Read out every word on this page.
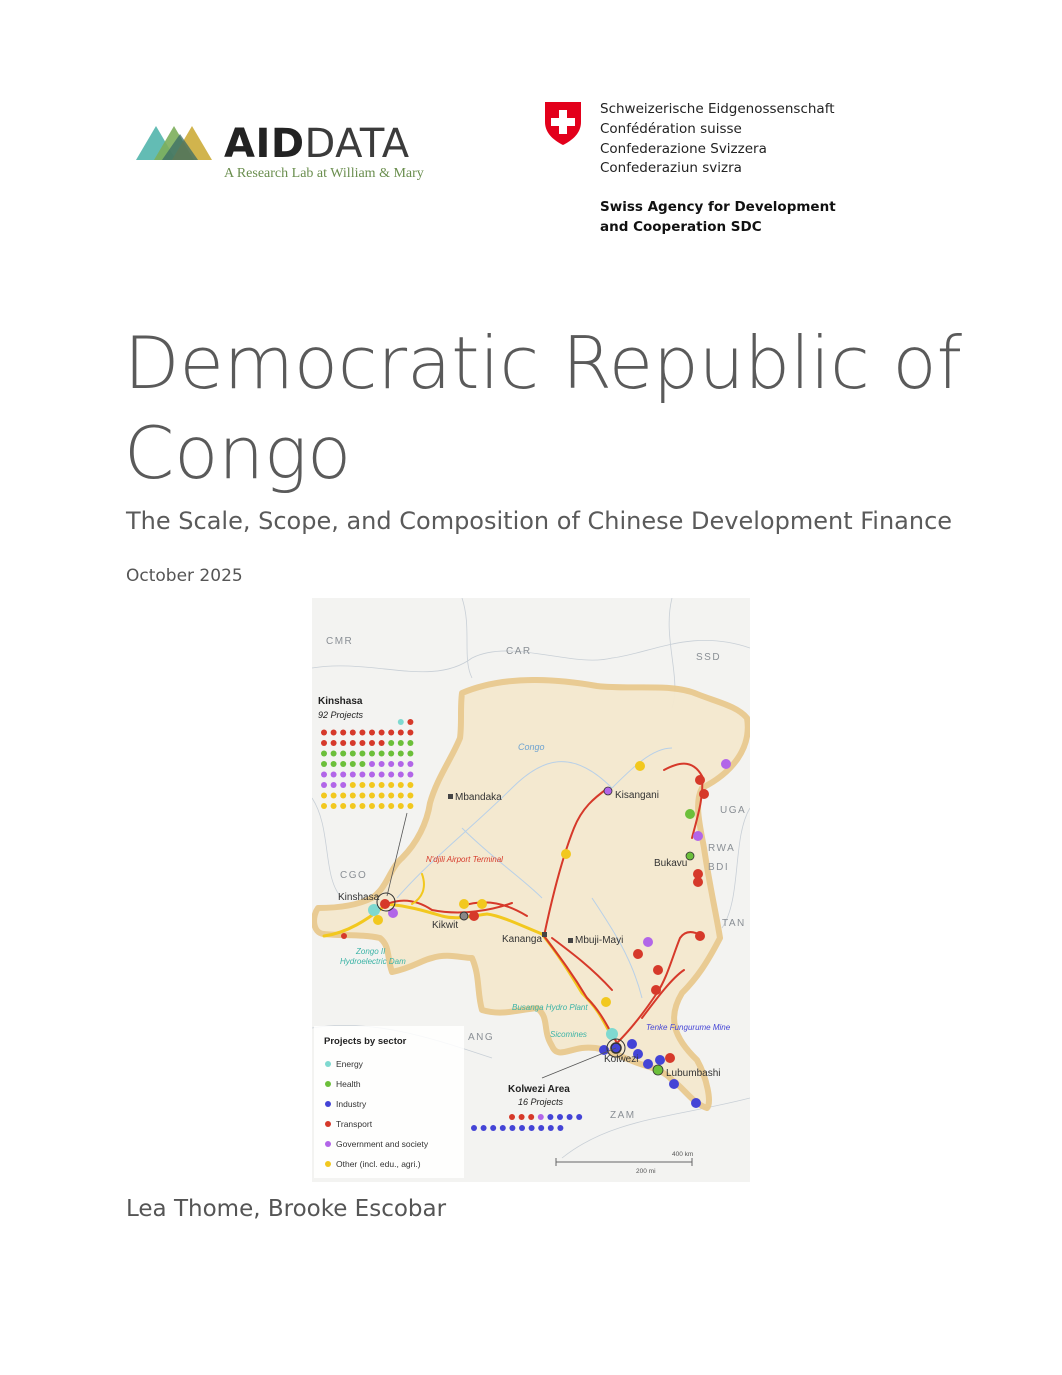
AIDDATA
A Research Lab at William & Mary
Schweizerische Eidgenossenschaft
Confédération suisse
Confederazione Svizzera
Confederaziun svizra
Swiss Agency for Development
and Cooperation SDC
Democratic Republic of Congo
The Scale, Scope, and Composition of Chinese Development Finance
October 2025
CMR
CAR
SSD
UGA
RWA
BDI
TAN
CGO
ANG
ZAM
Congo
Mbandaka	Kisangani
Bukavu
Kinshasa
Kikwit
Kananga	Mbuji-Mayi
Kolwezi
Lubumbashi
N'djili Airport Terminal
Zongo II
Hydroelectric Dam
Busanga Hydro Plant
Sicomines
Tenke Fungurume Mine
Kinshasa
92 Projects
Kolwezi Area
16 Projects
Projects by sector
Energy
Health
Industry
Transport
Government and society
Other (incl. edu., agri.)
400 km
200 mi
Lea Thome, Brooke Escobar
